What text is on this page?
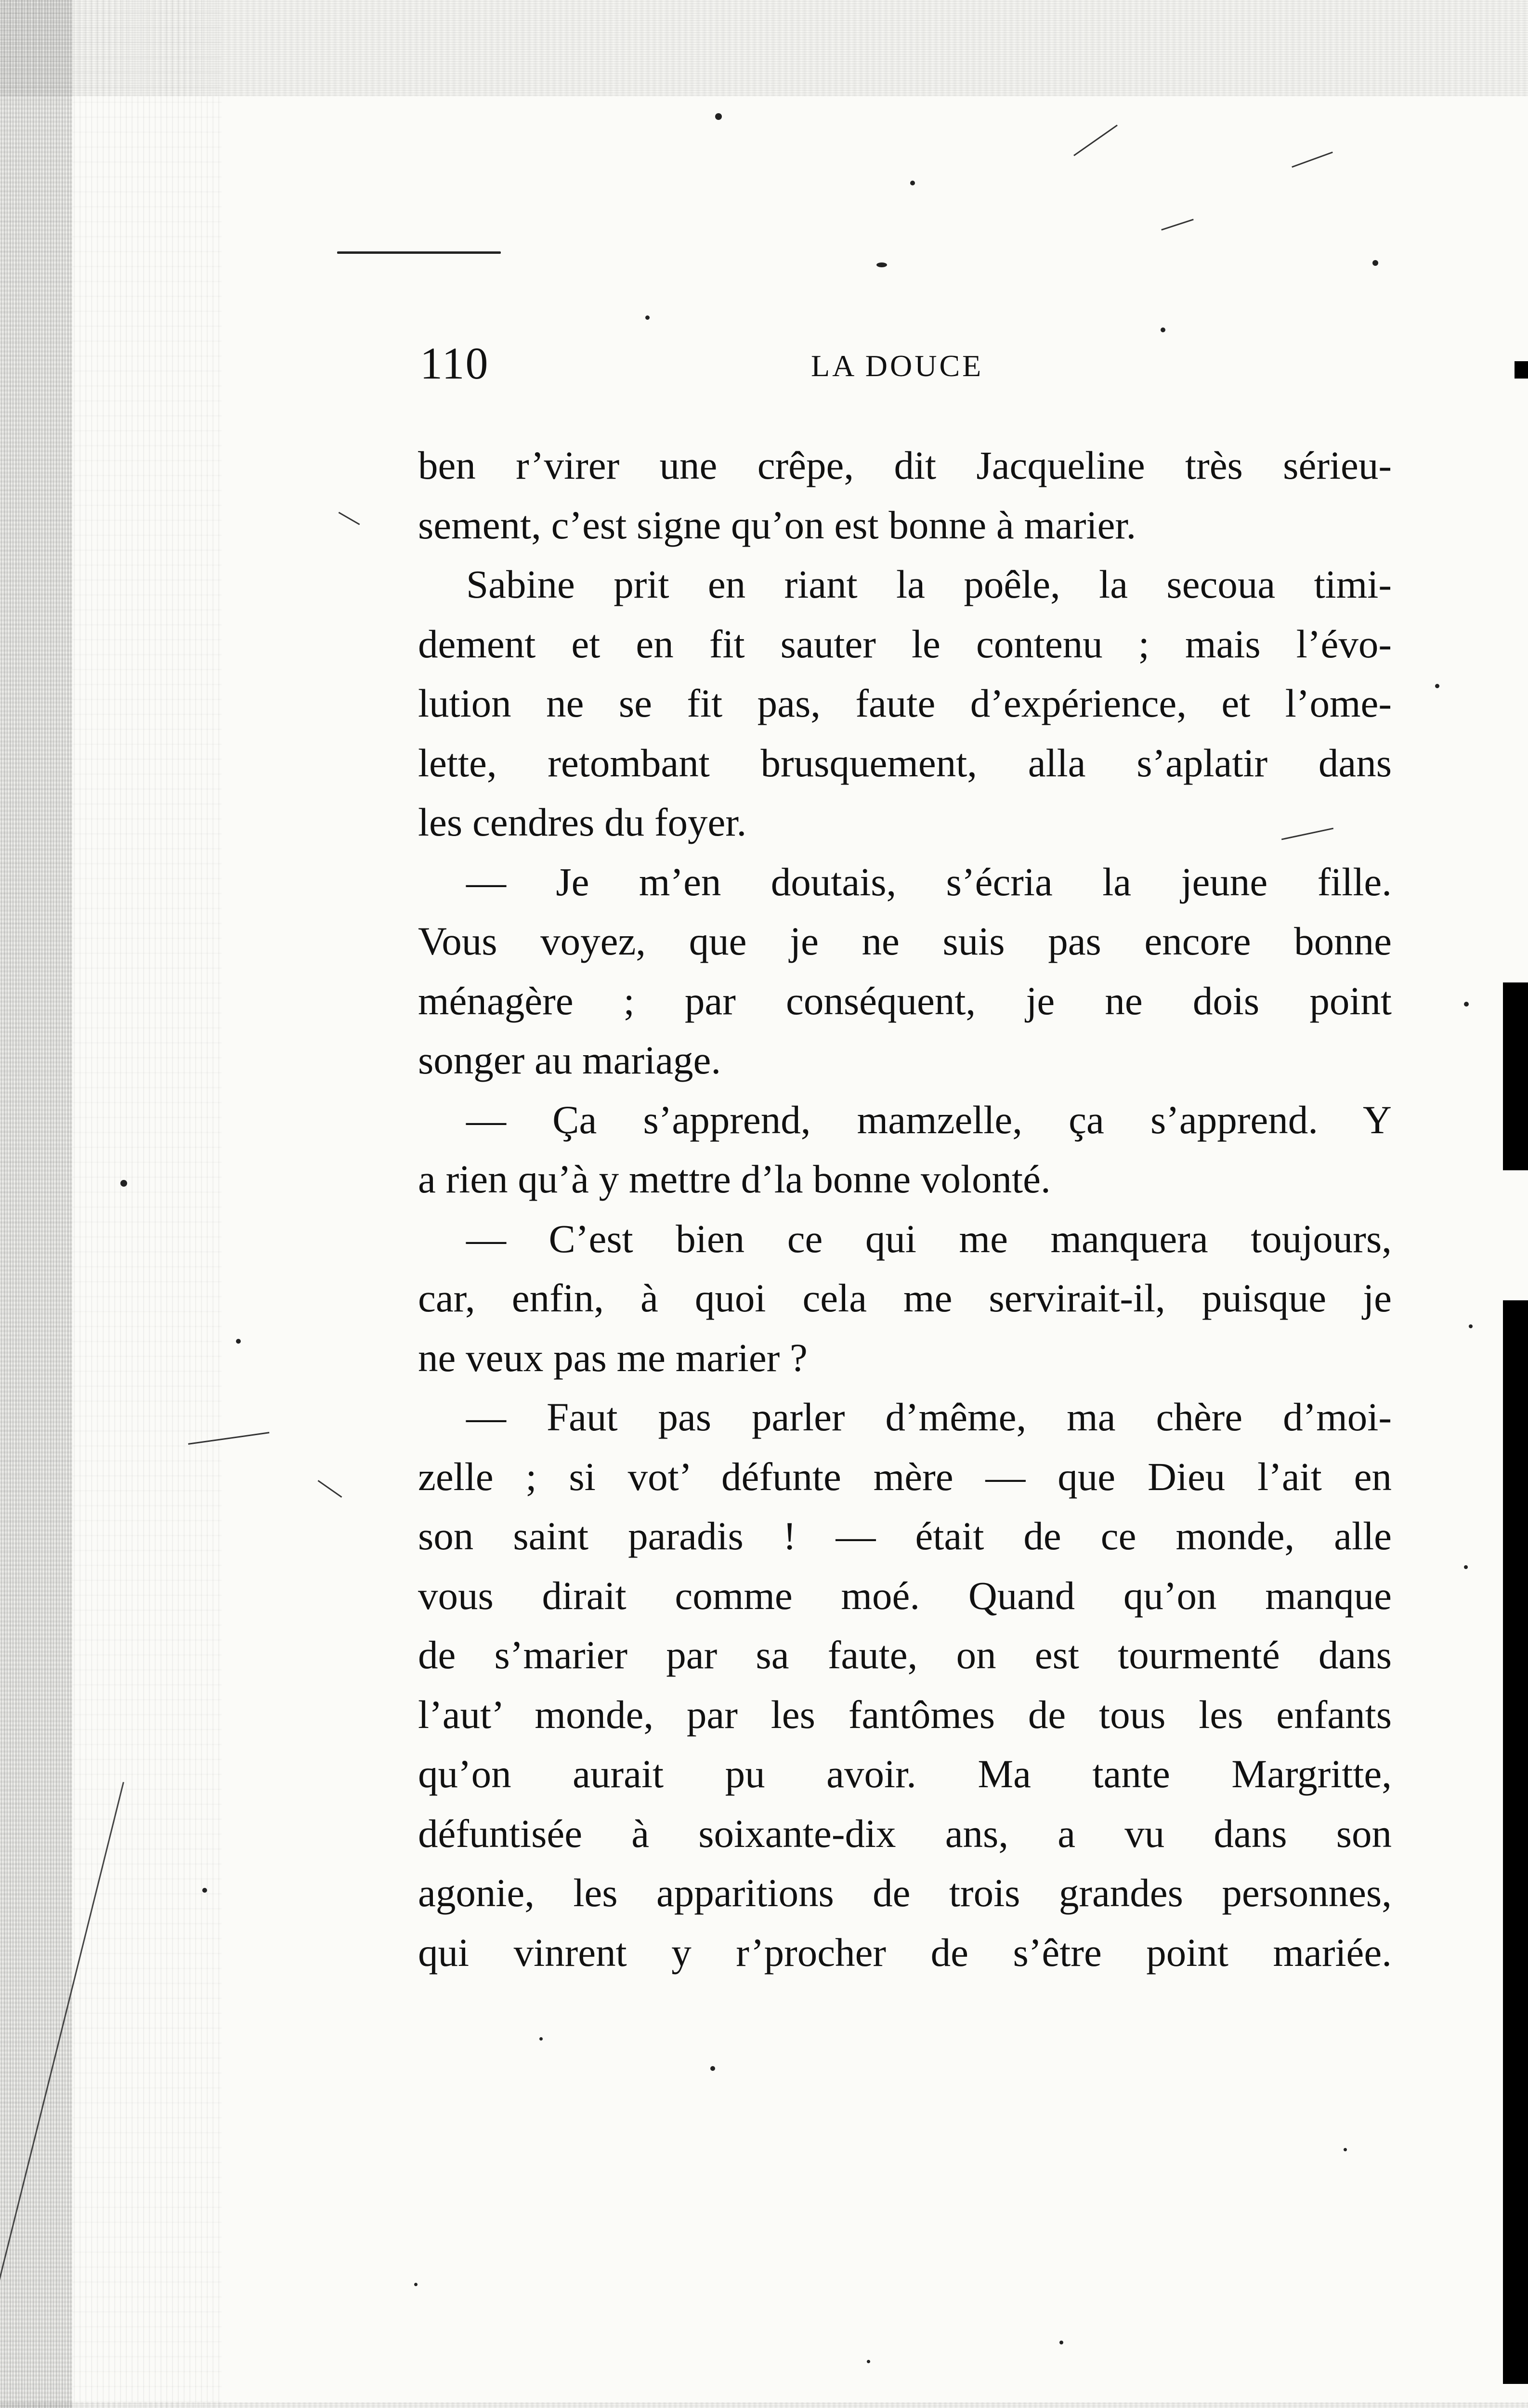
110	LA DOUCE
ben r’virer une crêpe, dit Jacqueline très sérieu-
sement, c’est signe qu’on est bonne à marier.
Sabine prit en riant la poêle, la secoua timi-
dement et en fit sauter le contenu ; mais l’évo-
lution ne se fit pas, faute d’expérience, et l’ome-
lette, retombant brusquement, alla s’aplatir dans
les cendres du foyer.
— Je m’en doutais, s’écria la jeune fille.
Vous voyez, que je ne suis pas encore bonne
ménagère ; par conséquent, je ne dois point
songer au mariage.
— Ça s’apprend, mamzelle, ça s’apprend. Y
a rien qu’à y mettre d’la bonne volonté.
— C’est bien ce qui me manquera toujours,
car, enfin, à quoi cela me servirait-il, puisque je
ne veux pas me marier ?
— Faut pas parler d’même, ma chère d’moi-
zelle ; si vot’ défunte mère — que Dieu l’ait en
son saint paradis ! — était de ce monde, alle
vous dirait comme moé. Quand qu’on manque
de s’marier par sa faute, on est tourmenté dans
l’aut’ monde, par les fantômes de tous les enfants
qu’on aurait pu avoir. Ma tante Margritte,
défuntisée à soixante-dix ans, a vu dans son
agonie, les apparitions de trois grandes personnes,
qui vinrent y r’procher de s’être point mariée.
